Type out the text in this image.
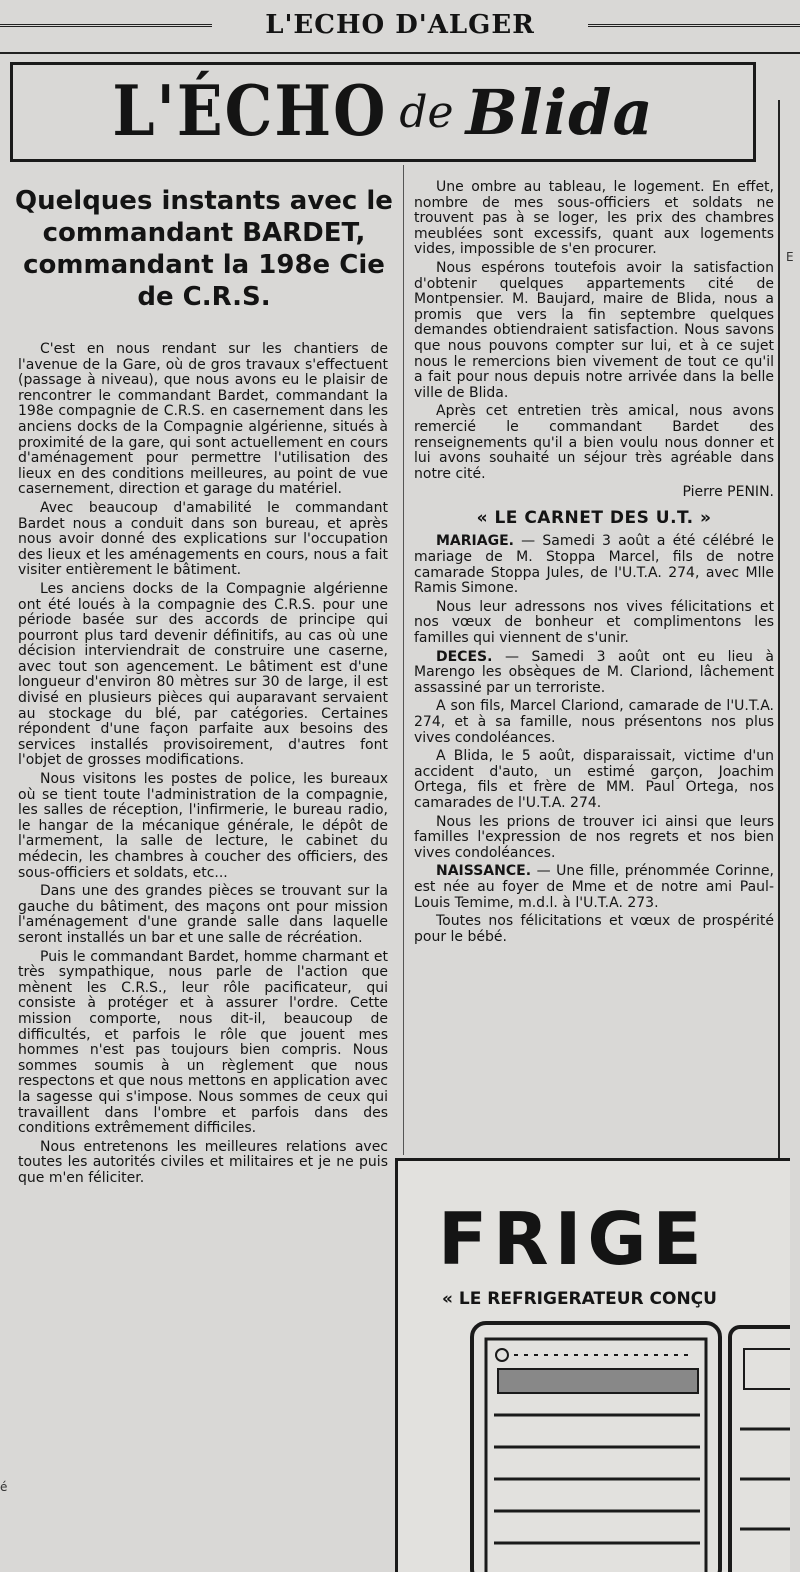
L'ECHO D'ALGER
L'ÉCHO de Blida
Quelques instants avec le commandant BARDET, commandant la 198e Cie de C.R.S.

C'est en nous rendant sur les chantiers de l'avenue de la Gare, où de gros travaux s'effectuent (passage à niveau), que nous avons eu le plaisir de rencontrer le commandant Bardet, commandant la 198e compagnie de C.R.S. en casernement dans les anciens docks de la Compagnie algérienne, situés à proximité de la gare, qui sont actuellement en cours d'aménagement pour permettre l'utilisation des lieux en des conditions meilleures, au point de vue casernement, direction et garage du matériel.

Avec beaucoup d'amabilité le commandant Bardet nous a conduit dans son bureau, et après nous avoir donné des explications sur l'occupation des lieux et les aménagements en cours, nous a fait visiter entièrement le bâtiment.

Les anciens docks de la Compagnie algérienne ont été loués à la compagnie des C.R.S. pour une période basée sur des accords de principe qui pourront plus tard devenir définitifs, au cas où une décision interviendrait de construire une caserne, avec tout son agencement. Le bâtiment est d'une longueur d'environ 80 mètres sur 30 de large, il est divisé en plusieurs pièces qui auparavant servaient au stockage du blé, par catégories. Certaines répondent d'une façon parfaite aux besoins des services installés provisoirement, d'autres font l'objet de grosses modifications.

Nous visitons les postes de police, les bureaux où se tient toute l'administration de la compagnie, les salles de réception, l'infirmerie, le bureau radio, le hangar de la mécanique générale, le dépôt de l'armement, la salle de lecture, le cabinet du médecin, les chambres à coucher des officiers, des sous-officiers et soldats, etc...

Dans une des grandes pièces se trouvant sur la gauche du bâtiment, des maçons ont pour mission l'aménagement d'une grande salle dans laquelle seront installés un bar et une salle de récréation.

Puis le commandant Bardet, homme charmant et très sympathique, nous parle de l'action que mènent les C.R.S., leur rôle pacificateur, qui consiste à protéger et à assurer l'ordre. Cette mission comporte, nous dit-il, beaucoup de difficultés, et parfois le rôle que jouent mes hommes n'est pas toujours bien compris. Nous sommes soumis à un règlement que nous respectons et que nous mettons en application avec la sagesse qui s'impose. Nous sommes de ceux qui travaillent dans l'ombre et parfois dans des conditions extrêmement difficiles.

Nous entretenons les meilleures relations avec toutes les autorités civiles et militaires et je ne puis que m'en féliciter.

Une ombre au tableau, le logement. En effet, nombre de mes sous-officiers et soldats ne trouvent pas à se loger, les prix des chambres meublées sont excessifs, quant aux logements vides, impossible de s'en procurer.

Nous espérons toutefois avoir la satisfaction d'obtenir quelques appartements cité de Montpensier. M. Baujard, maire de Blida, nous a promis que vers la fin septembre quelques demandes obtiendraient satisfaction. Nous savons que nous pouvons compter sur lui, et à ce sujet nous le remercions bien vivement de tout ce qu'il a fait pour nous depuis notre arrivée dans la belle ville de Blida.

Après cet entretien très amical, nous avons remercié le commandant Bardet des renseignements qu'il a bien voulu nous donner et lui avons souhaité un séjour très agréable dans notre cité.

Pierre PENIN.
« LE CARNET DES U.T. »

MARIAGE. — Samedi 3 août a été célébré le mariage de M. Stoppa Marcel, fils de notre camarade Stoppa Jules, de l'U.T.A. 274, avec Mlle Ramis Simone.

Nous leur adressons nos vives félicitations et nos vœux de bonheur et complimentons les familles qui viennent de s'unir.

DECES. — Samedi 3 août ont eu lieu à Marengo les obsèques de M. Clariond, lâchement assassiné par un terroriste.

A son fils, Marcel Clariond, camarade de l'U.T.A. 274, et à sa famille, nous présentons nos plus vives condoléances.

A Blida, le 5 août, disparaissait, victime d'un accident d'auto, un estimé garçon, Joachim Ortega, fils et frère de MM. Paul Ortega, nos camarades de l'U.T.A. 274.

Nous les prions de trouver ici ainsi que leurs familles l'expression de nos regrets et nos bien vives condoléances.

NAISSANCE. — Une fille, prénommée Corinne, est née au foyer de Mme et de notre ami Paul-Louis Temime, m.d.l. à l'U.T.A. 273.

Toutes nos félicitations et vœux de prospérité pour le bébé.

FRIGE
« LE REFRIGERATEUR CONÇU
E
é
